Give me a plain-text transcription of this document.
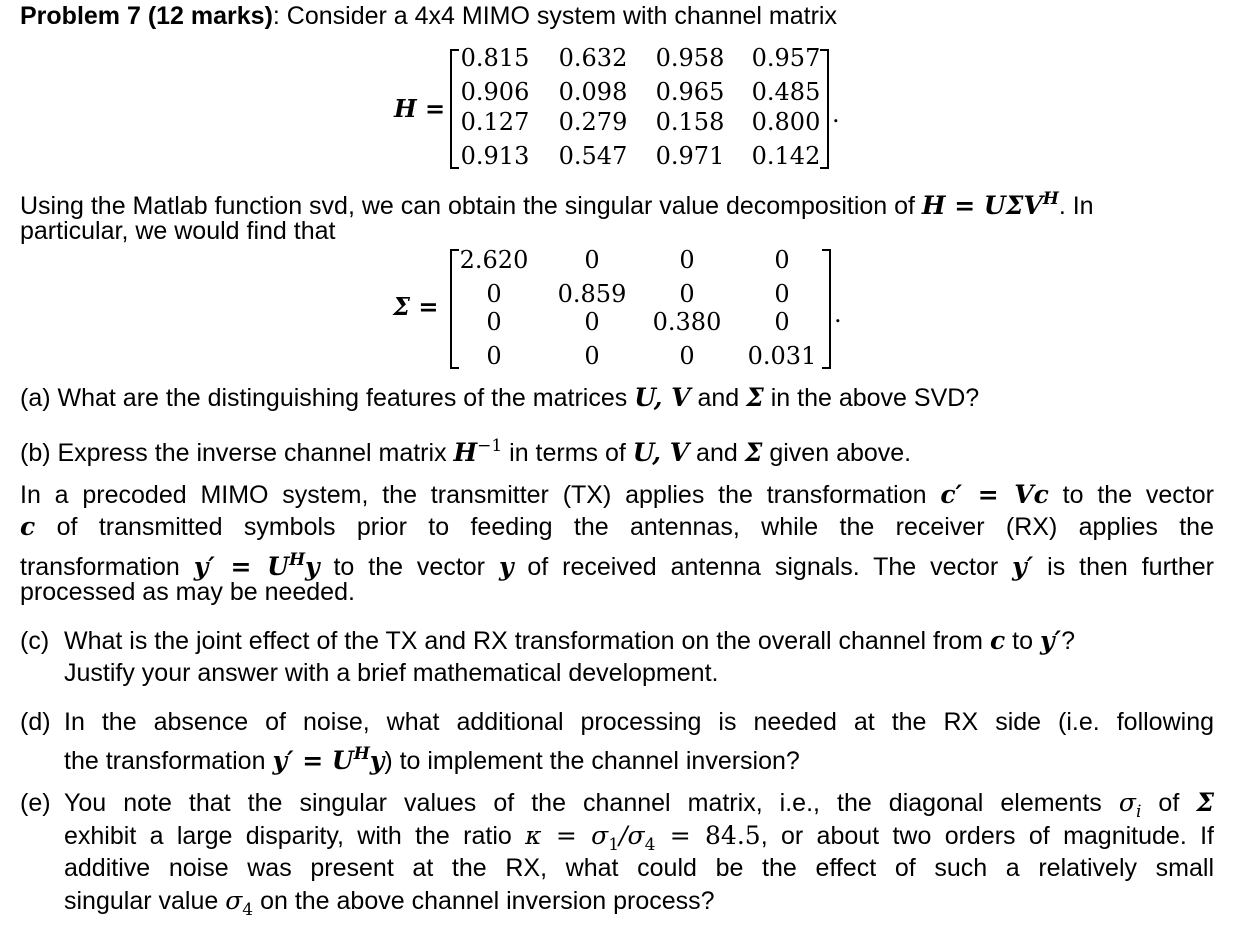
Problem 7 (12 marks): Consider a 4x4 MIMO system with channel matrix
H =
0.815	0.632	0.958	0.957
0.906	0.098	0.965	0.485
0.127	0.279	0.158	0.800
0.913	0.547	0.971	0.142
.
Using the Matlab function svd, we can obtain the singular value decomposition of $H = U\Sigma V^H$. In
particular, we would find that
Σ =
2.620	0	0	0
0	0.859	0	0
0	0	0.380	0
0	0	0	0.031
.
(a) What are the distinguishing features of the matrices U, V and Σ in the above SVD?
(b) Express the inverse channel matrix $H^{-1}$ in terms of U, V and Σ given above.
In a precoded MIMO system, the transmitter (TX) applies the transformation c′ = Vc to the vector
c of transmitted symbols prior to feeding the antennas, while the receiver (RX) applies the
transformation $y' = U^Hy$ to the vector y of received antenna signals. The vector y′ is then further
processed as may be needed.
(c) What is the joint effect of the TX and RX transformation on the overall channel from c to y′?
Justify your answer with a brief mathematical development.
(d) In the absence of noise, what additional processing is needed at the RX side (i.e. following
the transformation $y' = U^Hy$) to implement the channel inversion?
(e) You note that the singular values of the channel matrix, i.e., the diagonal elements $\sigma_i$ of Σ
exhibit a large disparity, with the ratio $\kappa = \sigma_1/\sigma_4 = 84.5$, or about two orders of magnitude. If
additive noise was present at the RX, what could be the effect of such a relatively small
singular value $\sigma_4$ on the above channel inversion process?
